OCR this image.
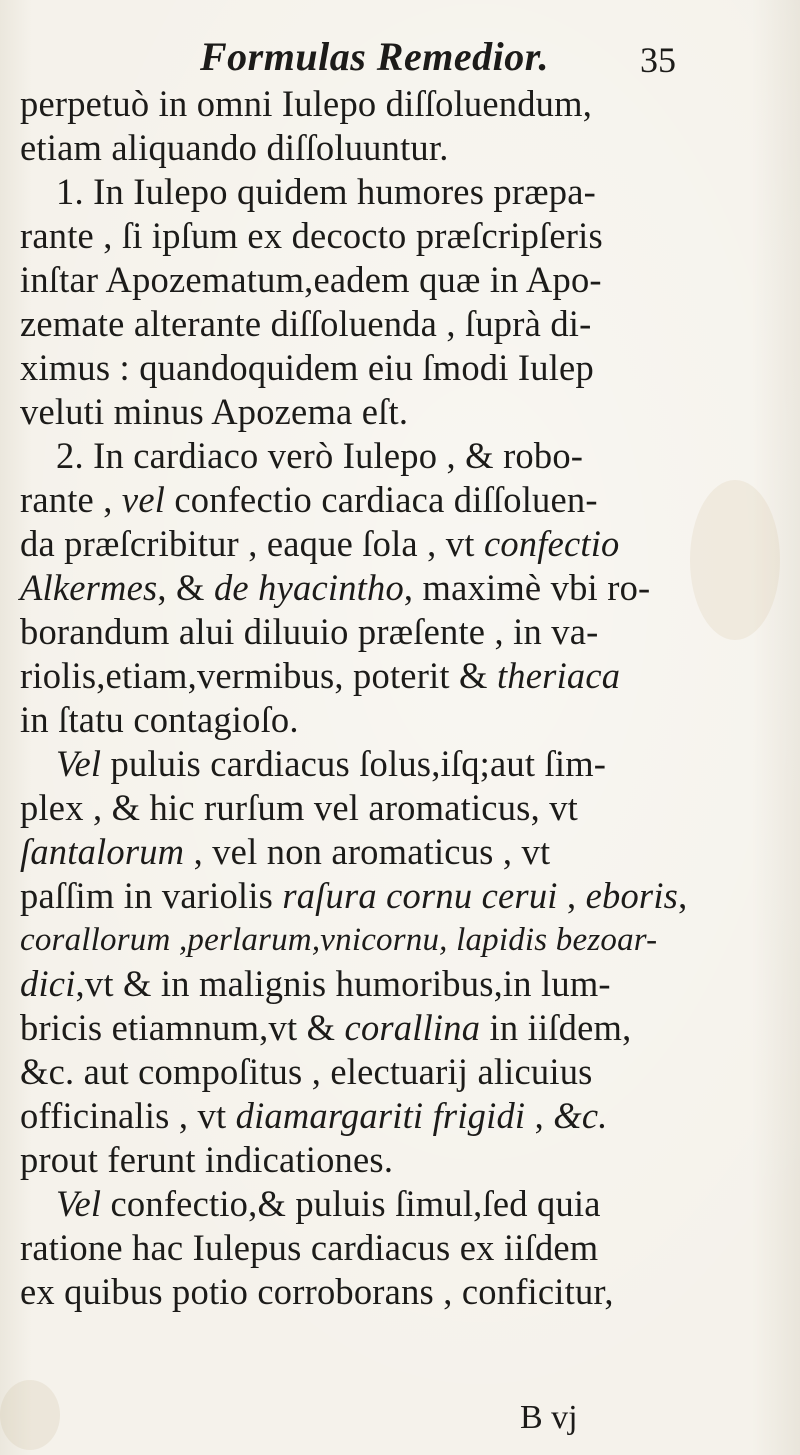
Formulas Remedior.	35
perpetuò in omni Iulepo diſſoluendum,
etiam aliquando diſſoluuntur.
1. In Iulepo quidem humores præpa-
rante , ſi ipſum ex decocto præſcripſeris
inſtar Apozematum,eadem quæ in Apo-
zemate alterante diſſoluenda , ſuprà di-
ximus : quandoquidem eiu ſmodi Iulep
veluti minus Apozema eſt.
2. In cardiaco verò Iulepo , & robo-
rante , vel confectio cardiaca diſſoluen-
da præſcribitur , eaque ſola , vt confectio
Alkermes, & de hyacintho, maximè vbi ro-
borandum alui diluuio præſente , in va-
riolis,etiam,vermibus, poterit & theriaca
in ſtatu contagioſo.
Vel puluis cardiacus ſolus,iſq;aut ſim-
plex , & hic rurſum vel aromaticus, vt
ſantalorum , vel non aromaticus , vt
paſſim in variolis raſura cornu cerui , eboris,
corallorum ,perlarum,vnicornu, lapidis bezoar-
dici,vt & in malignis humoribus,in lum-
bricis etiamnum,vt & corallina in iiſdem,
&c. aut compoſitus , electuarij alicuius
officinalis , vt diamargariti frigidi , &c.
prout ferunt indicationes.
Vel confectio,& puluis ſimul,ſed quia
ratione hac Iulepus cardiacus ex iiſdem
ex quibus potio corroborans , conficitur,
B vj
